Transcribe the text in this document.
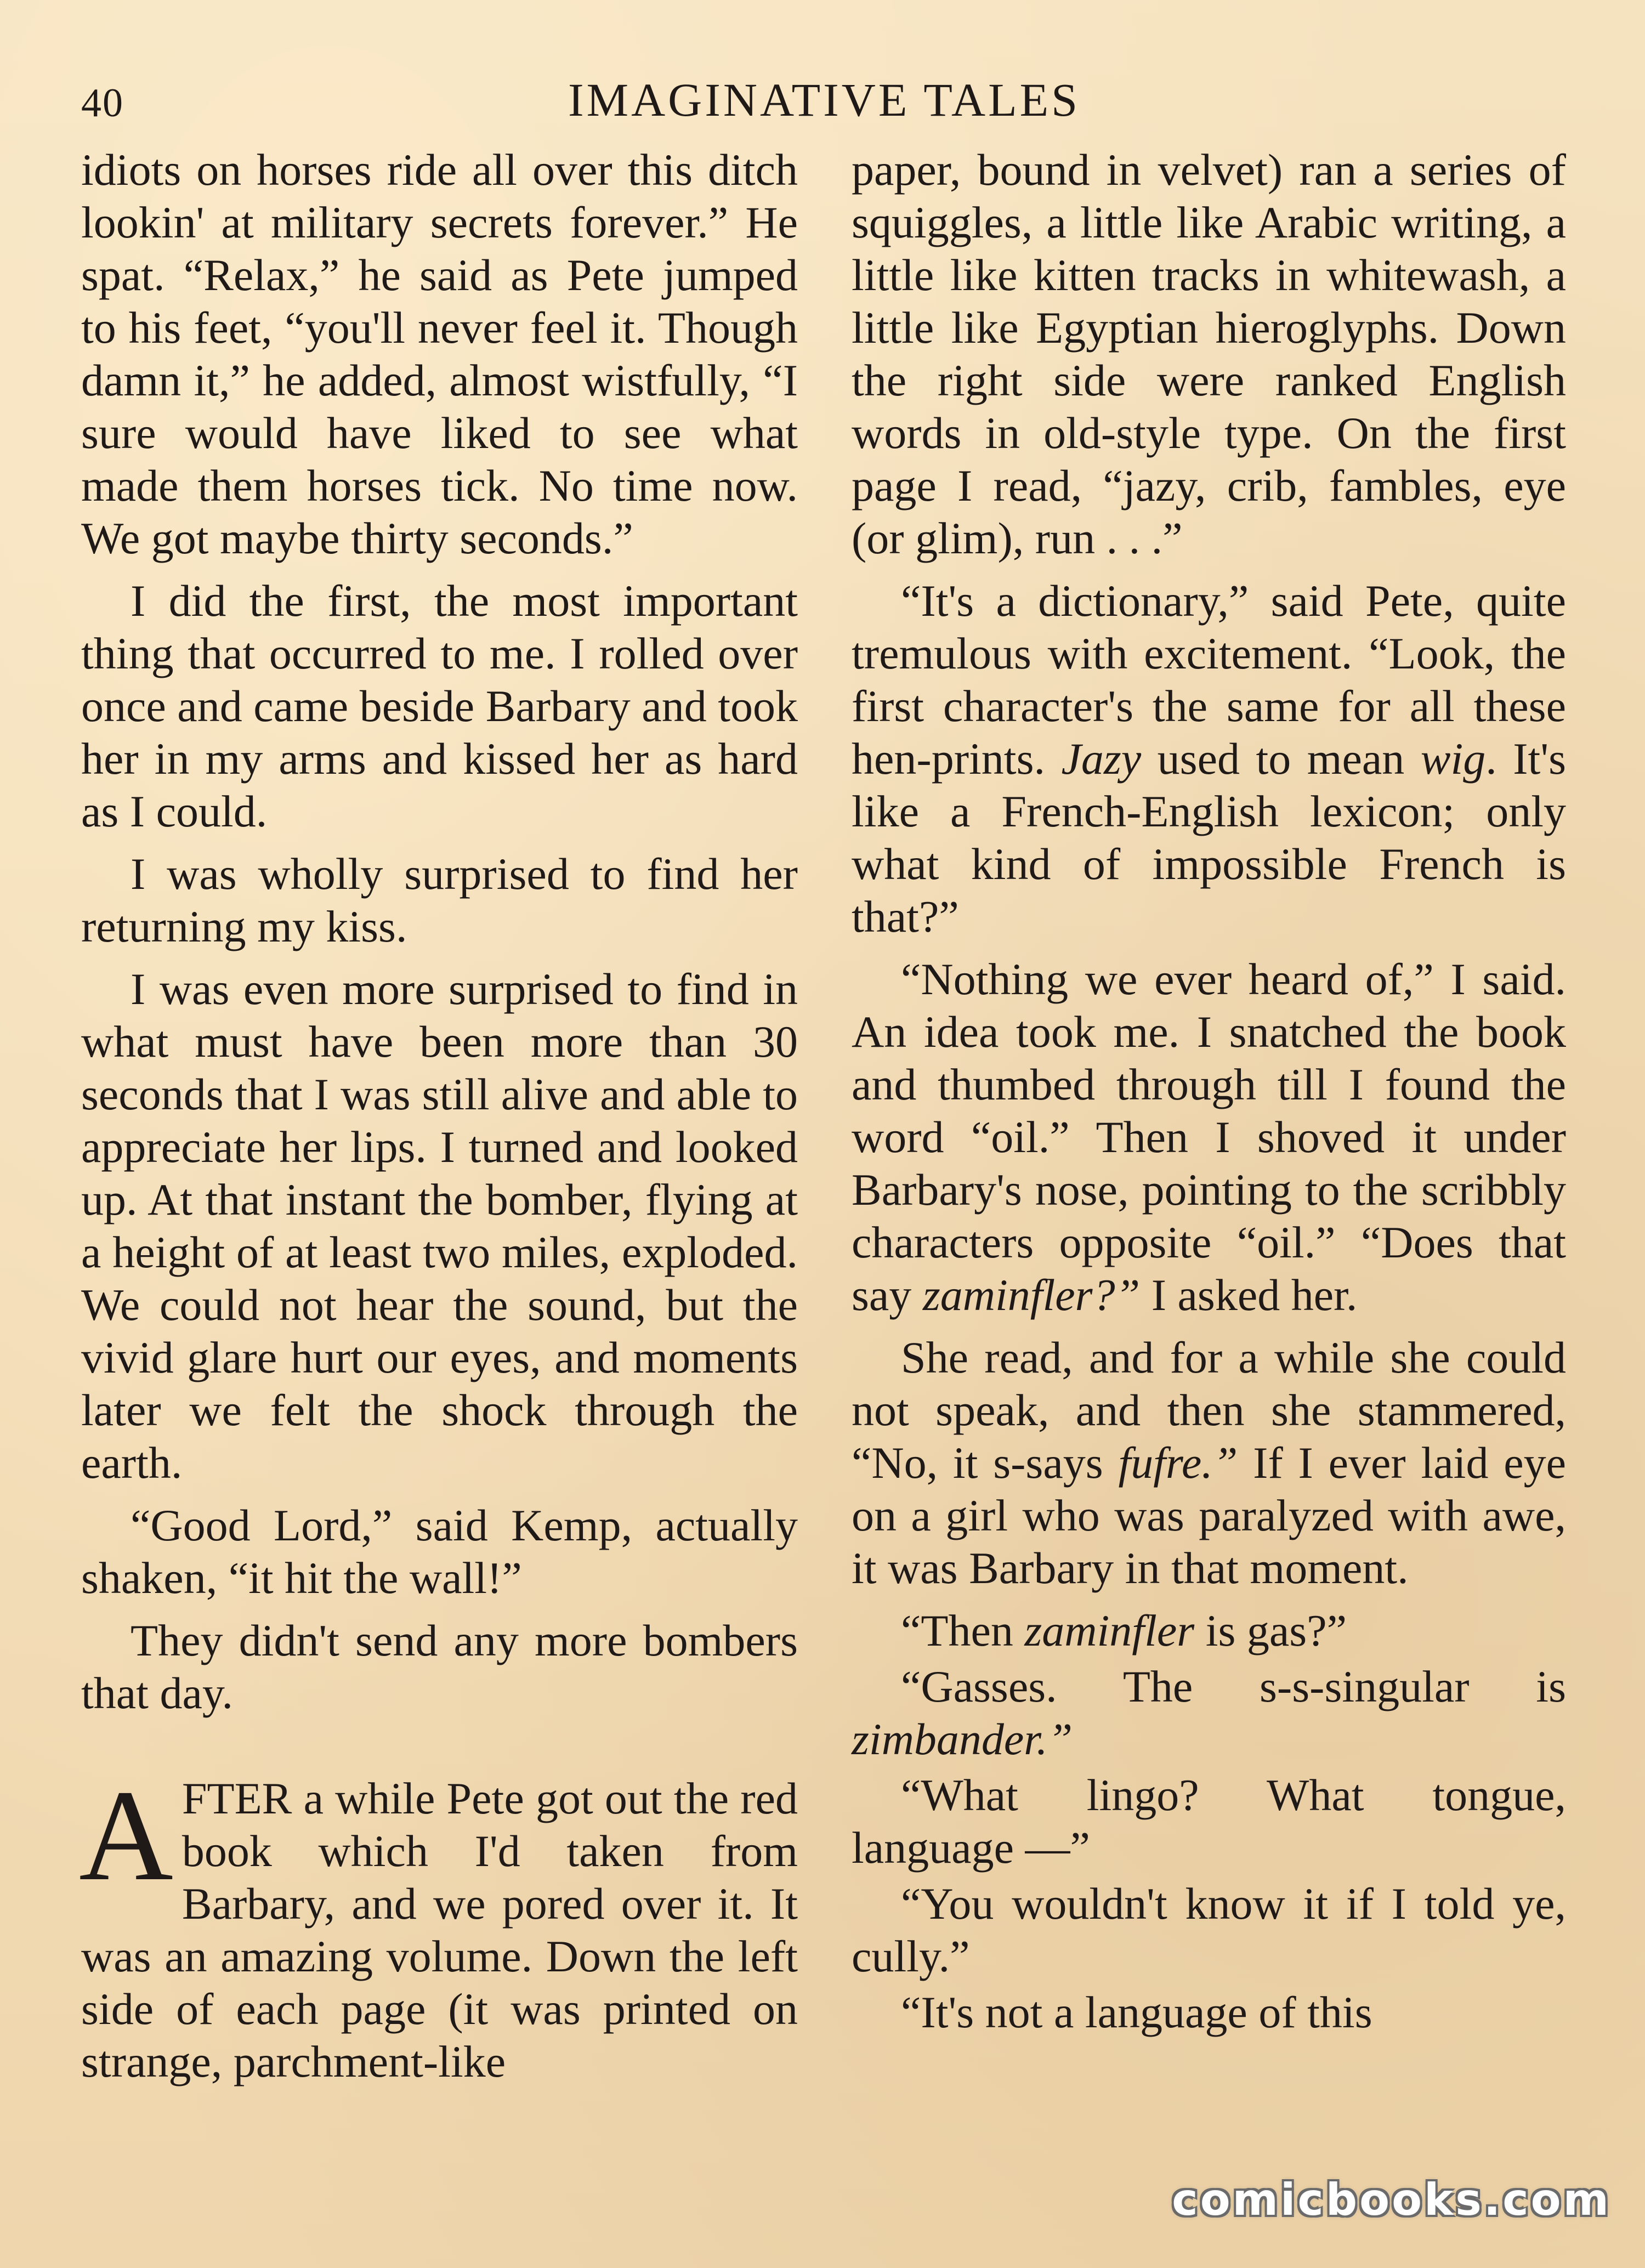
40	IMAGINATIVE TALES

idiots on horses ride all over this ditch lookin' at military secrets forever.” He spat. “Relax,” he said as Pete jumped to his feet, “you'll never feel it. Though damn it,” he added, almost wistfully, “I sure would have liked to see what made them horses tick. No time now. We got maybe thirty seconds.”

I did the first, the most important thing that occurred to me. I rolled over once and came beside Barbary and took her in my arms and kissed her as hard as I could.

I was wholly surprised to find her returning my kiss.

I was even more surprised to find in what must have been more than 30 seconds that I was still alive and able to appreciate her lips. I turned and looked up. At that instant the bomber, flying at a height of at least two miles, exploded. We could not hear the sound, but the vivid glare hurt our eyes, and moments later we felt the shock through the earth.

“Good Lord,” said Kemp, actually shaken, “it hit the wall!”

They didn't send any more bombers that day.

AFTER a while Pete got out the red book which I'd taken from Barbary, and we pored over it. It was an amazing volume. Down the left side of each page (it was printed on strange, parchment-like

paper, bound in velvet) ran a series of squiggles, a little like Arabic writing, a little like kitten tracks in whitewash, a little like Egyptian hieroglyphs. Down the right side were ranked English words in old-style type. On the first page I read, “jazy, crib, fambles, eye (or glim), run . . .”

“It's a dictionary,” said Pete, quite tremulous with excitement. “Look, the first character's the same for all these hen-prints. Jazy used to mean wig. It's like a French-English lexicon; only what kind of impossible French is that?”

“Nothing we ever heard of,” I said. An idea took me. I snatched the book and thumbed through till I found the word “oil.” Then I shoved it under Barbary's nose, pointing to the scribbly characters opposite “oil.” “Does that say zaminfler?” I asked her.

She read, and for a while she could not speak, and then she stammered, “No, it s-says fufre.” If I ever laid eye on a girl who was paralyzed with awe, it was Barbary in that moment.

“Then zaminfler is gas?”

“Gasses. The s-s-singular is zimbander.”

“What lingo? What tongue, language —”

“You wouldn't know it if I told ye, cully.”

“It's not a language of this

comicbooks.com
